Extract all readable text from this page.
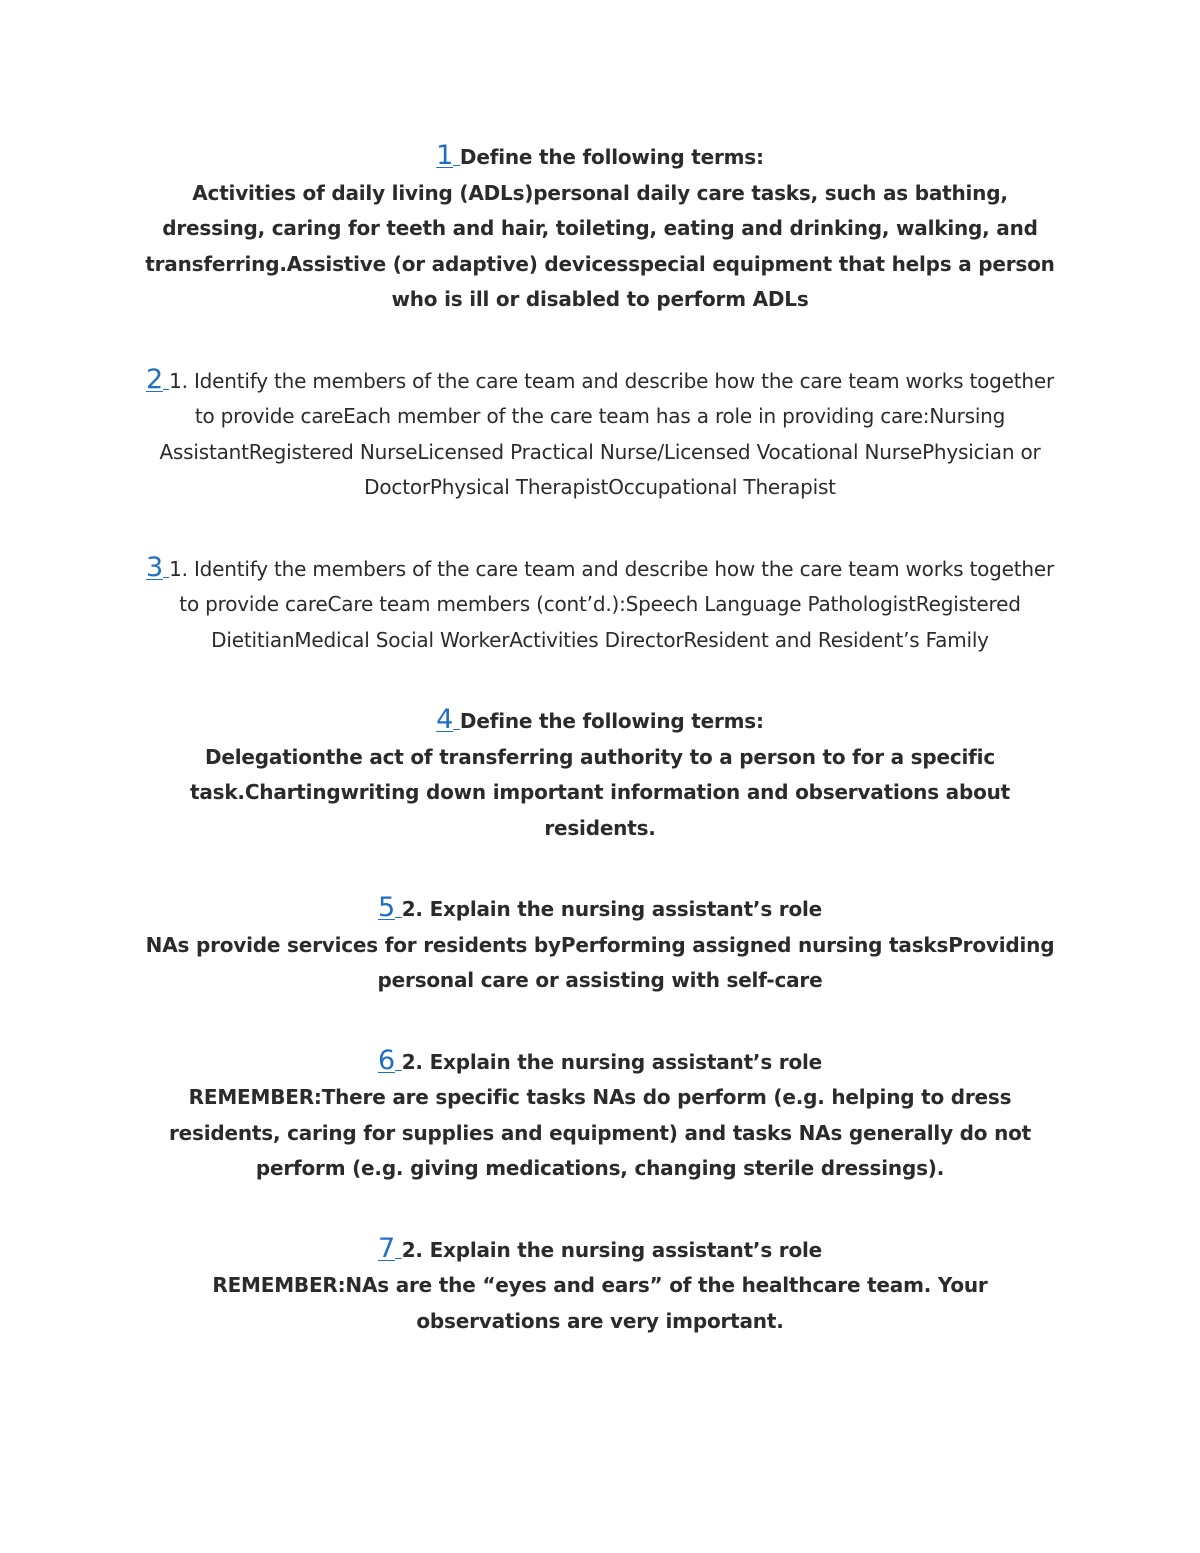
1 Define the following terms:
Activities of daily living (ADLs)personal daily care tasks, such as bathing, dressing, caring for teeth and hair, toileting, eating and drinking, walking, and transferring.Assistive (or adaptive) devicesspecial equipment that helps a person who is ill or disabled to perform ADLs

2 1. Identify the members of the care team and describe how the care team works together to provide careEach member of the care team has a role in providing care:Nursing AssistantRegistered NurseLicensed Practical Nurse/Licensed Vocational NursePhysician or DoctorPhysical TherapistOccupational Therapist

3 1. Identify the members of the care team and describe how the care team works together to provide careCare team members (cont’d.):Speech Language PathologistRegistered DietitianMedical Social WorkerActivities DirectorResident and Resident’s Family

4 Define the following terms:
Delegationthe act of transferring authority to a person to for a specific task.Chartingwriting down important information and observations about residents.

5 2. Explain the nursing assistant’s role
NAs provide services for residents byPerforming assigned nursing tasksProviding personal care or assisting with self-care

6 2. Explain the nursing assistant’s role
REMEMBER:There are specific tasks NAs do perform (e.g. helping to dress residents, caring for supplies and equipment) and tasks NAs generally do not perform (e.g. giving medications, changing sterile dressings).

7 2. Explain the nursing assistant’s role
REMEMBER:NAs are the “eyes and ears” of the healthcare team. Your observations are very important.
